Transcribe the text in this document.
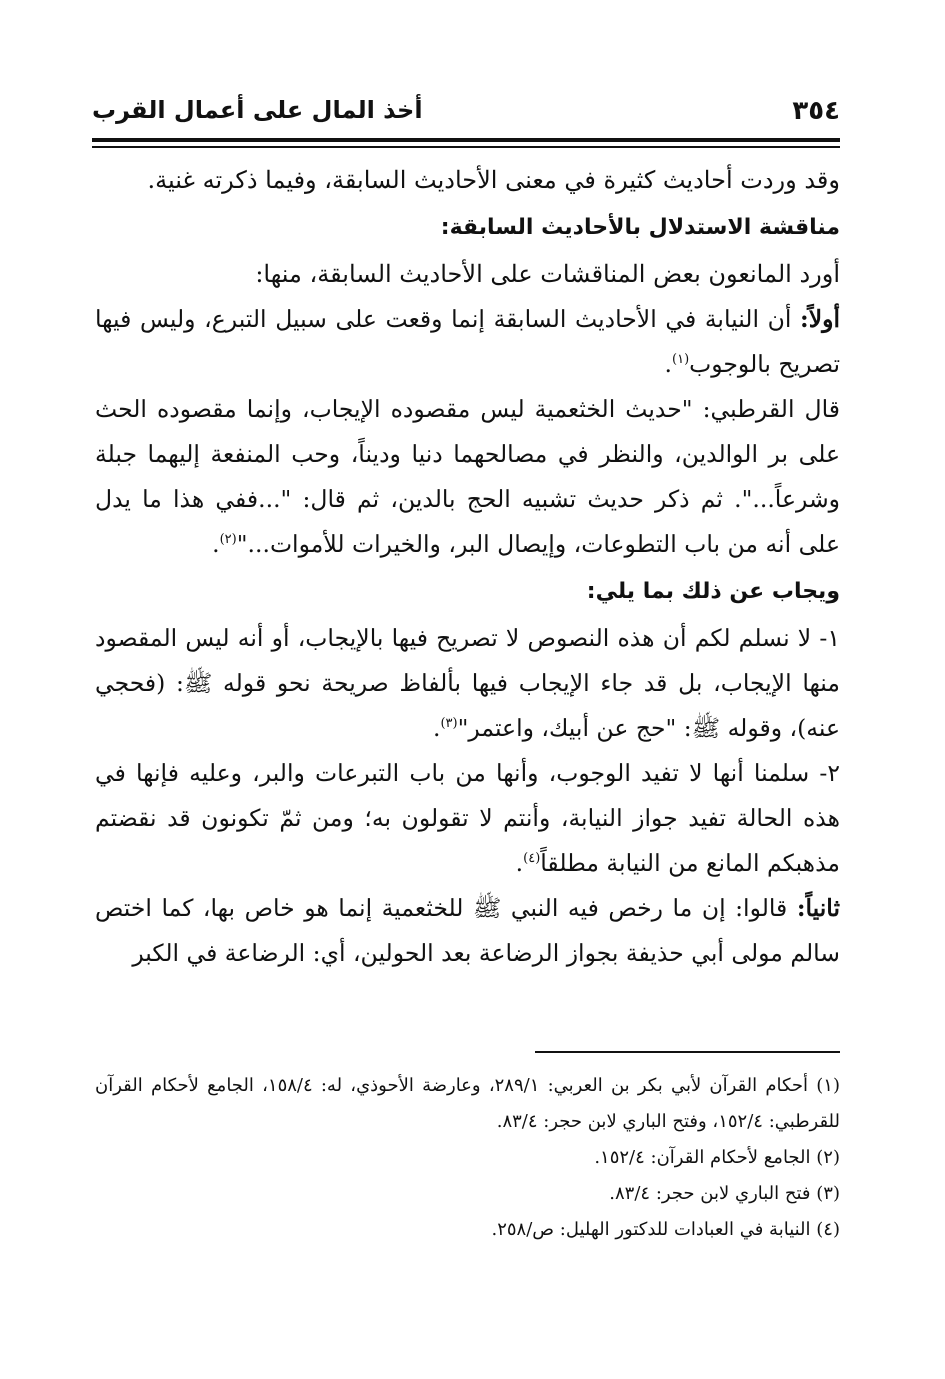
٣٥٤
أخذ المال على أعمال القرب

وقد وردت أحاديث كثيرة في معنى الأحاديث السابقة، وفيما ذكرته غنية.

مناقشة الاستدلال بالأحاديث السابقة:

أورد المانعون بعض المناقشات على الأحاديث السابقة، منها:

أولاً: أن النيابة في الأحاديث السابقة إنما وقعت على سبيل التبرع، وليس فيها تصريح بالوجوب$^{(١)}$.

قال القرطبي: "حديث الخثعمية ليس مقصوده الإيجاب، وإنما مقصوده الحث على بر الوالدين، والنظر في مصالحهما دنيا وديناً، وحب المنفعة إليهما جبلة وشرعاً...". ثم ذكر حديث تشبيه الحج بالدين، ثم قال: "...ففي هذا ما يدل على أنه من باب التطوعات، وإيصال البر، والخيرات للأموات..."$^{(٢)}$.

ويجاب عن ذلك بما يلي:

١- لا نسلم لكم أن هذه النصوص لا تصريح فيها بالإيجاب، أو أنه ليس المقصود منها الإيجاب، بل قد جاء الإيجاب فيها بألفاظ صريحة نحو قوله ﷺ: (فحجي عنه)، وقوله ﷺ: "حج عن أبيك، واعتمر"$^{(٣)}$.

٢- سلمنا أنها لا تفيد الوجوب، وأنها من باب التبرعات والبر، وعليه فإنها في هذه الحالة تفيد جواز النيابة، وأنتم لا تقولون به؛ ومن ثمّ تكونون قد نقضتم مذهبكم المانع من النيابة مطلقاً$^{(٤)}$.

ثانياً: قالوا: إن ما رخص فيه النبي ﷺ للخثعمية إنما هو خاص بها، كما اختص سالم مولى أبي حذيفة بجواز الرضاعة بعد الحولين، أي: الرضاعة في الكبر

(١) أحكام القرآن لأبي بكر بن العربي: ٢٨٩/١، وعارضة الأحوذي، له: ١٥٨/٤، الجامع لأحكام القرآن للقرطبي: ١٥٢/٤، وفتح الباري لابن حجر: ٨٣/٤.

(٢) الجامع لأحكام القرآن: ١٥٢/٤.

(٣) فتح الباري لابن حجر: ٨٣/٤.

(٤) النيابة في العبادات للدكتور الهليل: ص/٢٥٨.
